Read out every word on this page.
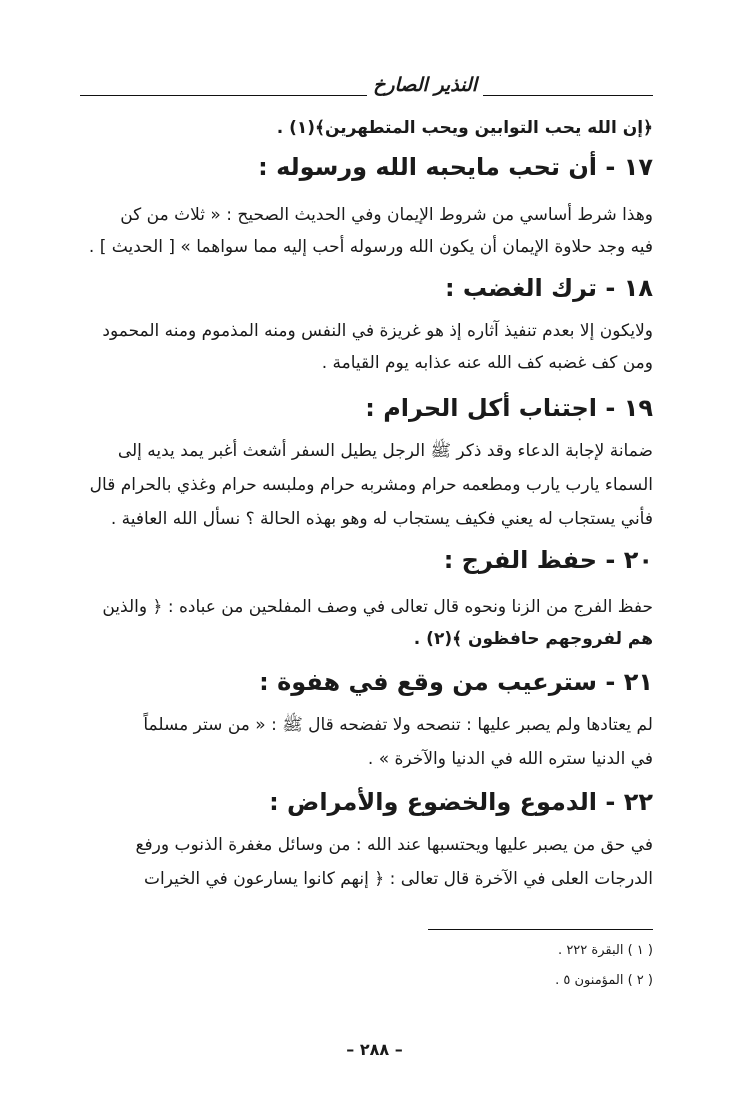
النذير الصارخ
﴿إن الله يحب التوابين ويحب المتطهرين﴾(١) .
١٧ - أن تحب مايحبه الله ورسوله :
وهذا شرط أساسي من شروط الإيمان وفي الحديث الصحيح : « ثلاث من كن
فيه وجد حلاوة الإيمان أن يكون الله ورسوله أحب إليه مما سواهما » [ الحديث ] .
١٨ - ترك الغضب :
ولايكون إلا بعدم تنفيذ آثاره إذ هو غريزة في النفس ومنه المذموم ومنه المحمود
ومن كف غضبه كف الله عنه عذابه يوم القيامة .
١٩ - اجتناب أكل الحرام :
ضمانة لإجابة الدعاء وقد ذكر ﷺ الرجل يطيل السفر أشعث أغبر يمد يديه إلى
السماء يارب يارب ومطعمه حرام ومشربه حرام وملبسه حرام وغذي بالحرام قال
فأني يستجاب له يعني فكيف يستجاب له وهو بهذه الحالة ؟ نسأل الله العافية .
٢٠ - حفظ الفرج :
حفظ الفرج من الزنا ونحوه قال تعالى في وصف المفلحين من عباده : ﴿ والذين
هم لفروجهم حافظون ﴾(٢) .
٢١ - سترعيب من وقع في هفوة :
لم يعتادها ولم يصبر عليها : تنصحه ولا تفضحه قال ﷺ : « من ستر مسلماً
في الدنيا ستره الله في الدنيا والآخرة » .
٢٢ - الدموع والخضوع والأمراض :
في حق من يصبر عليها ويحتسبها عند الله : من وسائل مغفرة الذنوب ورفع
الدرجات العلى في الآخرة قال تعالى : ﴿ إنهم كانوا يسارعون في الخيرات
( ١ ) البقرة ٢٢٢ .
( ٢ ) المؤمنون ٥ .
– ٢٨٨ –
